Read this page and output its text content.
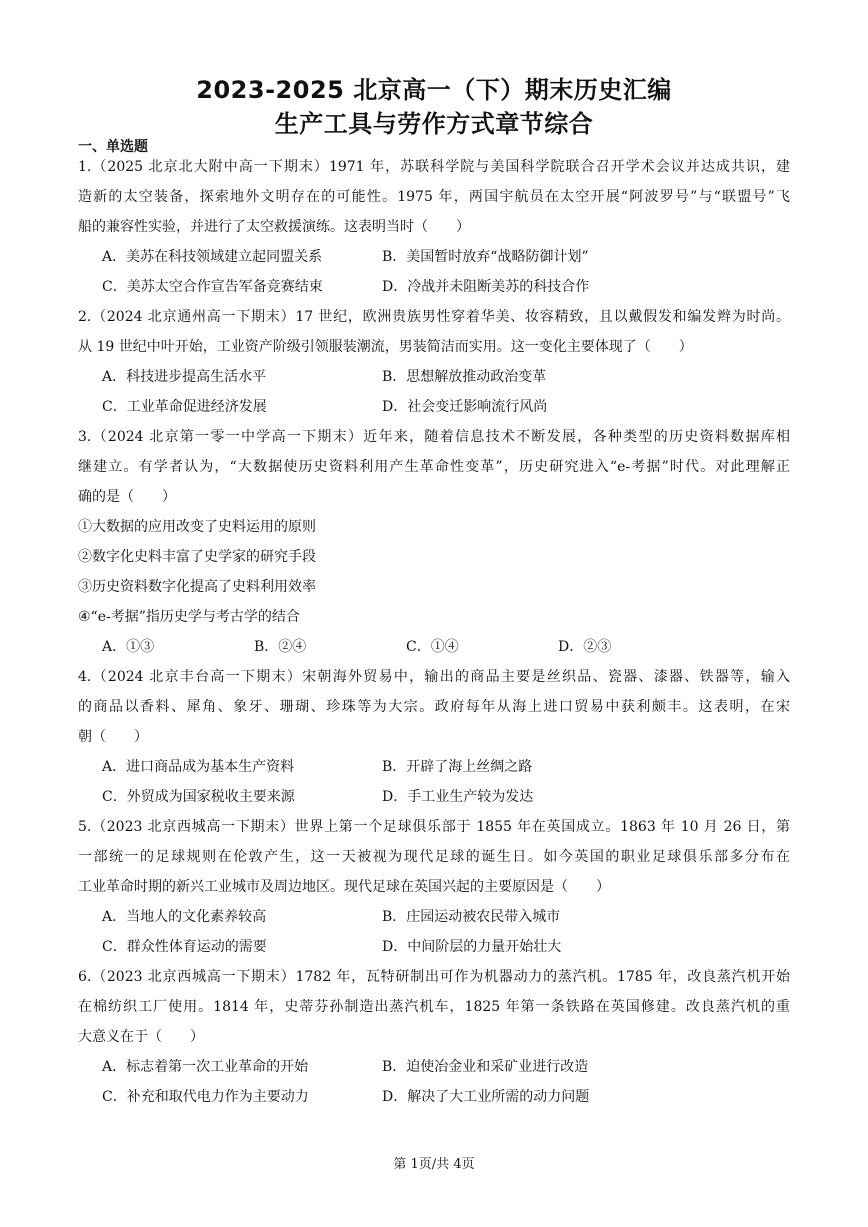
2023-2025 北京高一（下）期末历史汇编
生产工具与劳作方式章节综合
一、单选题
1.（2025 北京北大附中高一下期末）1971 年，苏联科学院与美国科学院联合召开学术会议并达成共识，建
造新的太空装备，探索地外文明存在的可能性。1975 年，两国宇航员在太空开展“阿波罗号”与“联盟号”飞
船的兼容性实验，并进行了太空救援演练。这表明当时（ ）
A．美苏在科技领域建立起同盟关系	B．美国暂时放弃“战略防御计划”
C．美苏太空合作宣告军备竞赛结束	D．冷战并未阻断美苏的科技合作
2.（2024 北京通州高一下期末）17 世纪，欧洲贵族男性穿着华美、妆容精致，且以戴假发和编发辫为时尚。
从 19 世纪中叶开始，工业资产阶级引领服装潮流，男装简洁而实用。这一变化主要体现了（ ）
A．科技进步提高生活水平	B．思想解放推动政治变革
C．工业革命促进经济发展	D．社会变迁影响流行风尚
3.（2024 北京第一零一中学高一下期末）近年来，随着信息技术不断发展，各种类型的历史资料数据库相
继建立。有学者认为，“大数据使历史资料利用产生革命性变革”，历史研究进入“e-考据”时代。对此理解正
确的是（ ）
①大数据的应用改变了史料运用的原则
②数字化史料丰富了史学家的研究手段
③历史资料数字化提高了史料利用效率
④“e-考据”指历史学与考古学的结合
A．①③	B．②④	C．①④	D．②③
4.（2024 北京丰台高一下期末）宋朝海外贸易中，输出的商品主要是丝织品、瓷器、漆器、铁器等，输入
的商品以香料、犀角、象牙、珊瑚、珍珠等为大宗。政府每年从海上进口贸易中获利颇丰。这表明，在宋
朝（ ）
A．进口商品成为基本生产资料	B．开辟了海上丝绸之路
C．外贸成为国家税收主要来源	D．手工业生产较为发达
5.（2023 北京西城高一下期末）世界上第一个足球俱乐部于 1855 年在英国成立。1863 年 10 月 26 日，第
一部统一的足球规则在伦敦产生，这一天被视为现代足球的诞生日。如今英国的职业足球俱乐部多分布在
工业革命时期的新兴工业城市及周边地区。现代足球在英国兴起的主要原因是（ ）
A．当地人的文化素养较高	B．庄园运动被农民带入城市
C．群众性体育运动的需要	D．中间阶层的力量开始壮大
6.（2023 北京西城高一下期末）1782 年，瓦特研制出可作为机器动力的蒸汽机。1785 年，改良蒸汽机开始
在棉纺织工厂使用。1814 年，史蒂芬孙制造出蒸汽机车，1825 年第一条铁路在英国修建。改良蒸汽机的重
大意义在于（ ）
A．标志着第一次工业革命的开始	B．迫使冶金业和采矿业进行改造
C．补充和取代电力作为主要动力	D．解决了大工业所需的动力问题
第 1页/共 4页
